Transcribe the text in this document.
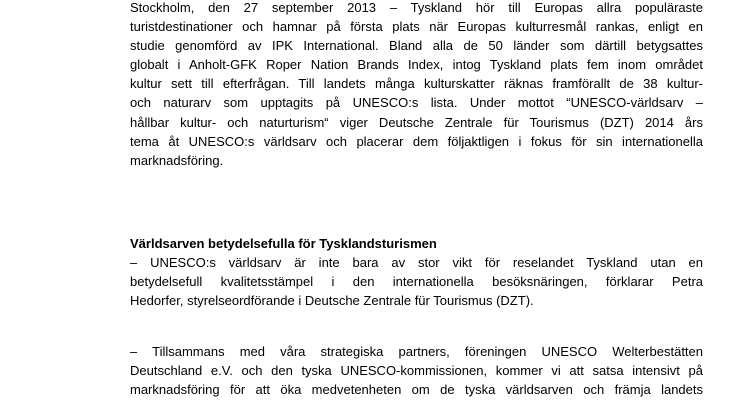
Stockholm, den 27 september 2013 – Tyskland hör till Europas allra populäraste
turistdestinationer och hamnar på första plats när Europas kulturresmål rankas, enligt en
studie genomförd av IPK International. Bland alla de 50 länder som därtill betygsattes
globalt i Anholt-GFK Roper Nation Brands Index, intog Tyskland plats fem inom området
kultur sett till efterfrågan. Till landets många kulturskatter räknas framförallt de 38 kultur-
och naturarv som upptagits på UNESCO:s lista. Under mottot “UNESCO-världsarv –
hållbar kultur- och naturturism“ viger Deutsche Zentrale für Tourismus (DZT) 2014 års
tema åt UNESCO:s världsarv och placerar dem följaktligen i fokus för sin internationella
marknadsföring.

Världsarven betydelsefulla för Tysklandsturismen

– UNESCO:s världsarv är inte bara av stor vikt för reselandet Tyskland utan en
betydelsefull kvalitetsstämpel i den internationella besöksnäringen, förklarar Petra
Hedorfer, styrelseordförande i Deutsche Zentrale für Tourismus (DZT).

– Tillsammans med våra strategiska partners, föreningen UNESCO Welterbestätten
Deutschland e.V. och den tyska UNESCO-kommissionen, kommer vi att satsa intensivt på
marknadsföring för att öka medvetenheten om de tyska världsarven och främja landets
